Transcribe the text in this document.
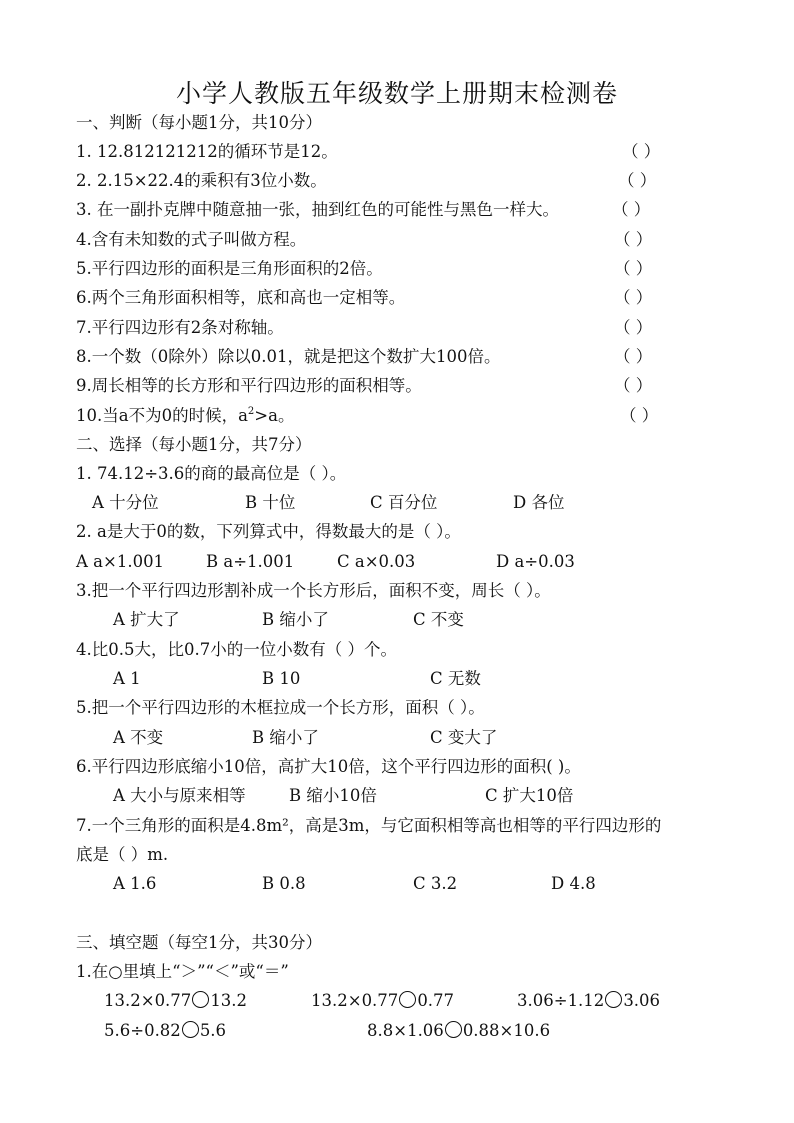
小学人教版五年级数学上册期末检测卷
一、判断（每小题1分，共10分）
1. 12.812121212的循环节是12。	（ ）
2. 2.15×22.4的乘积有3位小数。	（ ）
3. 在一副扑克牌中随意抽一张，抽到红色的可能性与黑色一样大。	（ ）
4.含有未知数的式子叫做方程。	（ ）
5.平行四边形的面积是三角形面积的2倍。	（ ）
6.两个三角形面积相等，底和高也一定相等。	（ ）
7.平行四边形有2条对称轴。	（ ）
8.一个数（0除外）除以0.01，就是把这个数扩大100倍。	（ ）
9.周长相等的长方形和平行四边形的面积相等。	（ ）
10.当a不为0的时候，$a^2>a$。	（ ）
二、选择（每小题1分，共7分）
1. 74.12÷3.6的商的最高位是（ ）。
A 十分位	B 十位	C 百分位	D 各位
2. a是大于0的数，下列算式中，得数最大的是（ ）。
A a×1.001	B a÷1.001	C a×0.03	D a÷0.03
3.把一个平行四边形割补成一个长方形后，面积不变，周长（ ）。
A 扩大了	B 缩小了	C 不变
4.比0.5大，比0.7小的一位小数有（ ）个。
A 1	B 10	C 无数
5.把一个平行四边形的木框拉成一个长方形，面积（ ）。
A 不变	B 缩小了	C 变大了
6.平行四边形底缩小10倍，高扩大10倍，这个平行四边形的面积( )。
A 大小与原来相等	B 缩小10倍	C 扩大10倍
7.一个三角形的面积是4.8m²，高是3m，与它面积相等高也相等的平行四边形的
底是（ ）m.
A 1.6	B 0.8	C 3.2	D 4.8
三、填空题（每空1分，共30分）
1.在○里填上“＞”“＜”或“＝”
13.2×0.77 13.2	13.2×0.77 0.77	3.06÷1.12 3.06
5.6÷0.82 5.6	8.8×1.06 0.88×10.6
